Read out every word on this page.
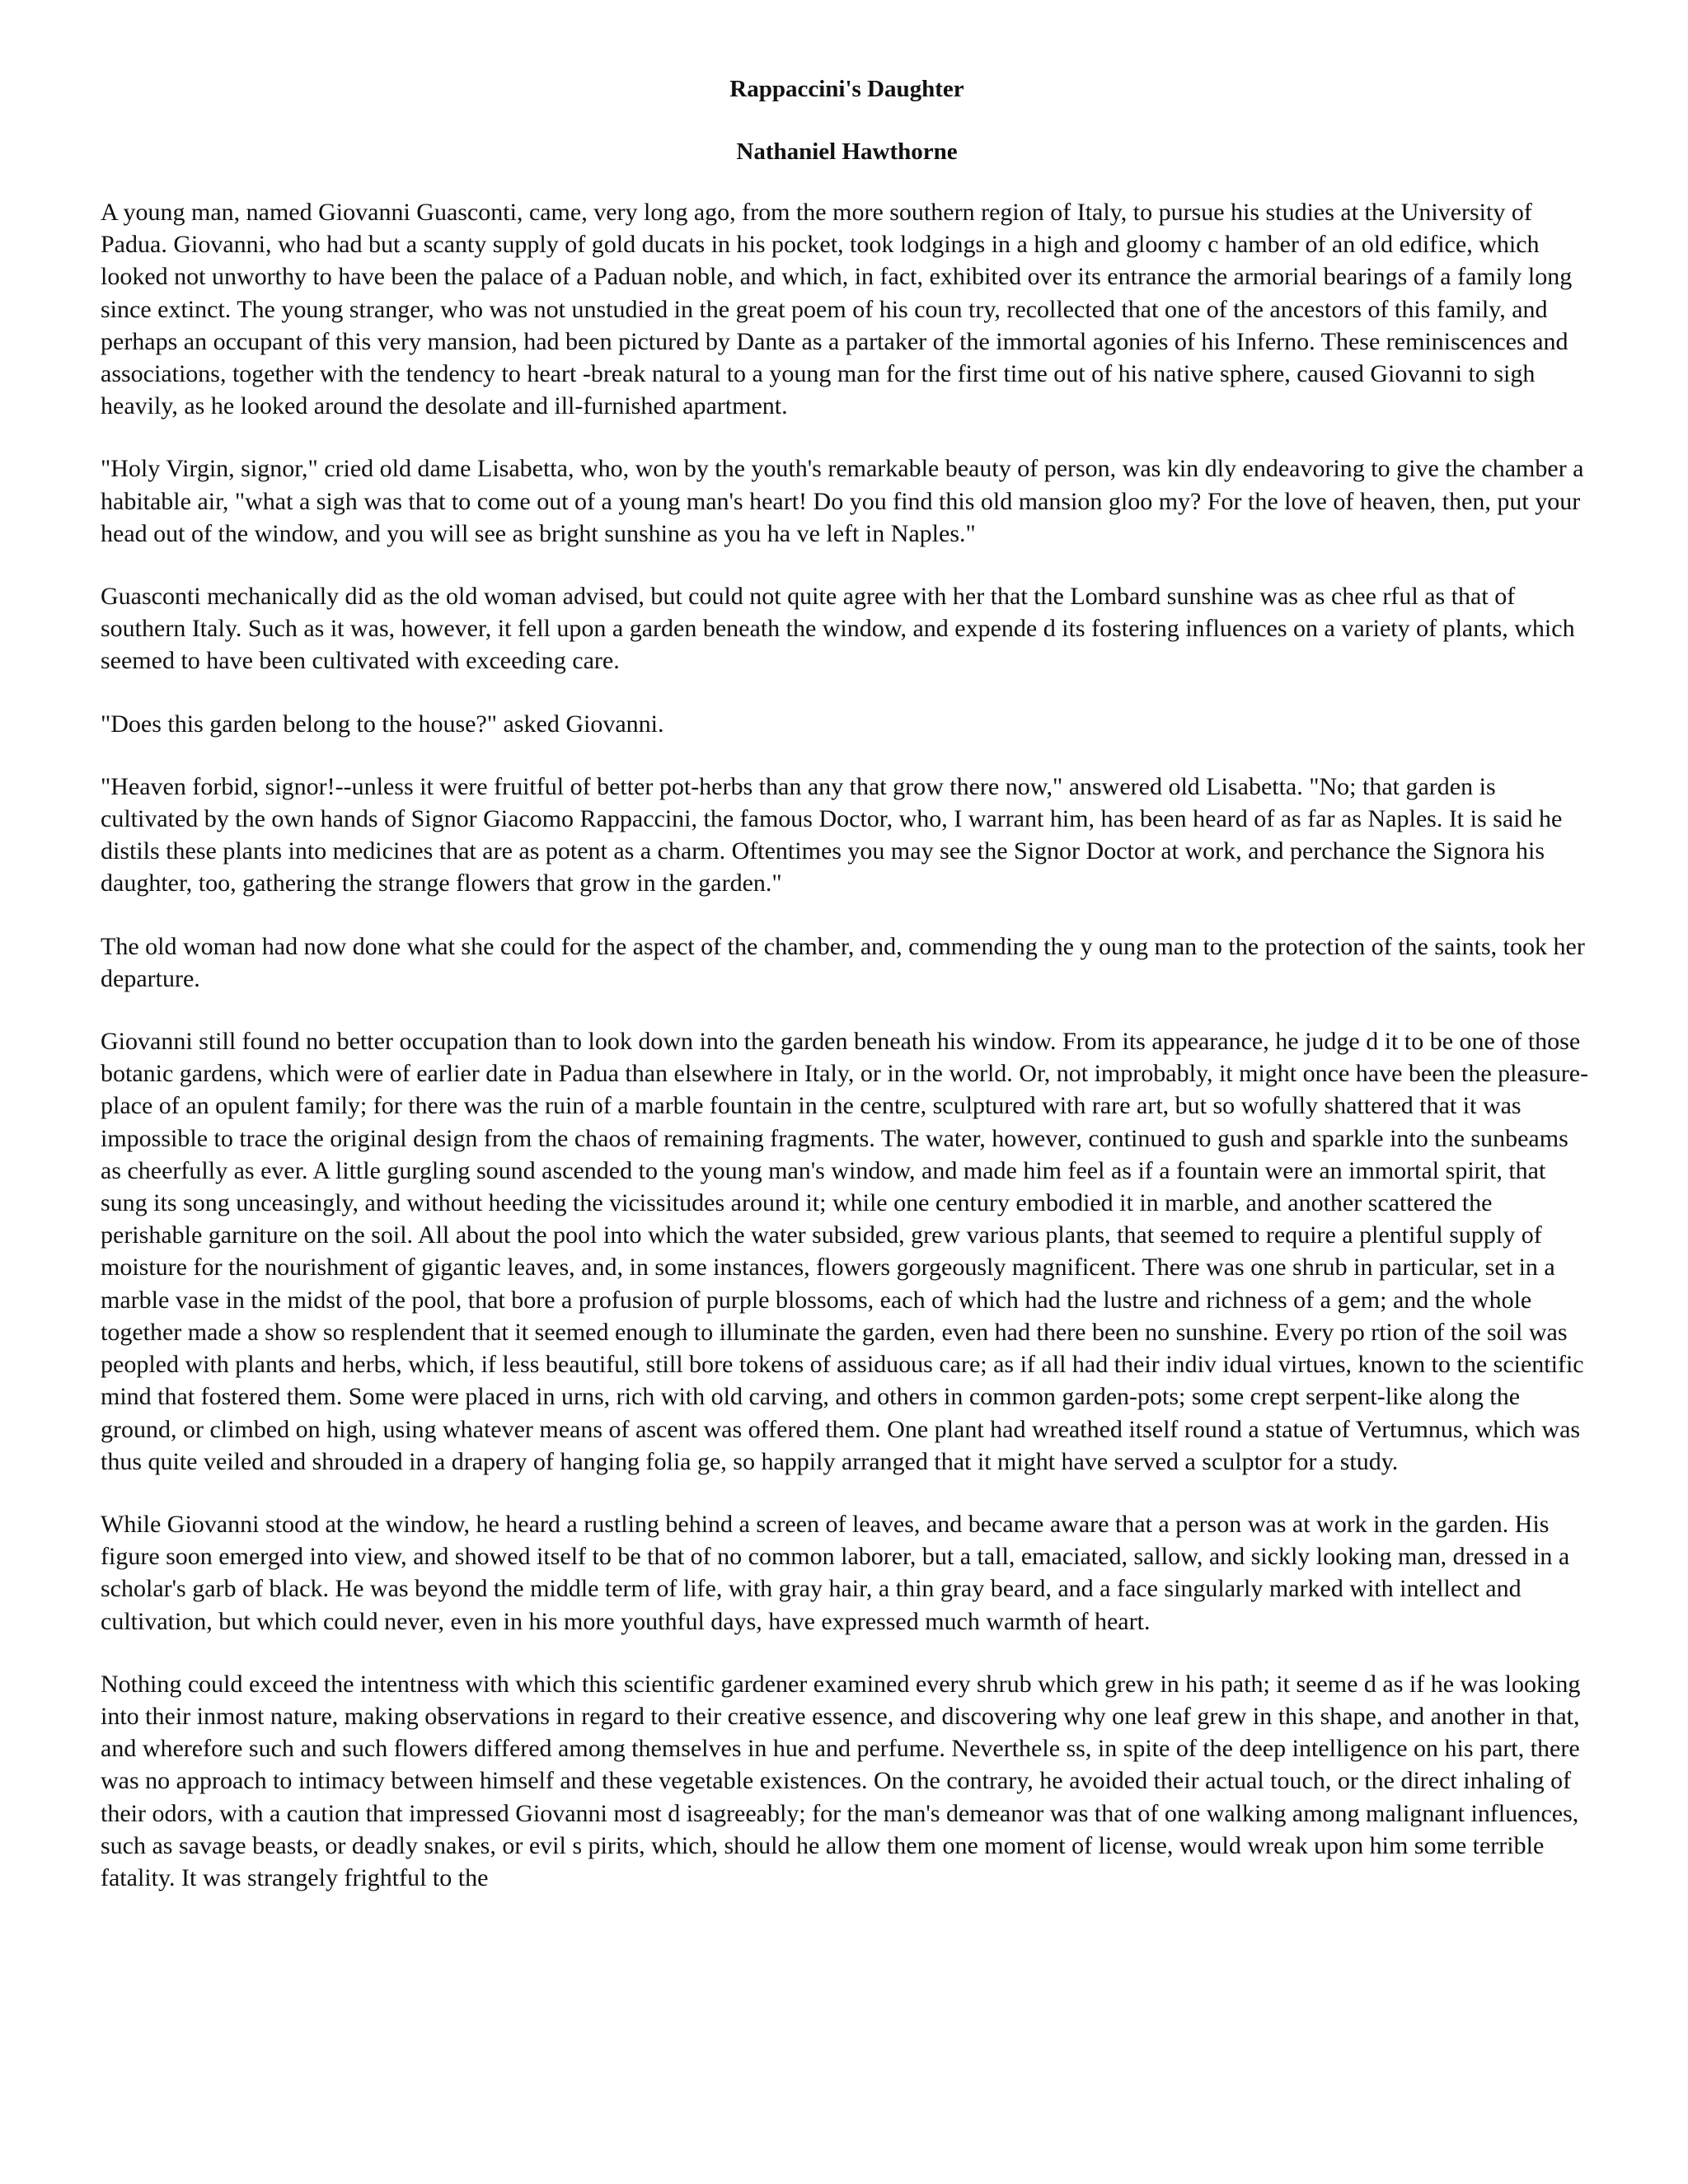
Rappaccini's Daughter
Nathaniel Hawthorne

A young man, named Giovanni Guasconti, came, very long ago, from the more southern region of Italy, to pursue his studies at the University of Padua. Giovanni, who had but a scanty supply of gold ducats in his pocket, took lodgings in a high and gloomy c hamber of an old edifice, which looked not unworthy to have been the palace of a Paduan noble, and which, in fact, exhibited over its entrance the armorial bearings of a family long since extinct. The young stranger, who was not unstudied in the great poem of his coun try, recollected that one of the ancestors of this family, and perhaps an occupant of this very mansion, had been pictured by Dante as a partaker of the immortal agonies of his Inferno. These reminiscences and associations, together with the tendency to heart -break natural to a young man for the first time out of his native sphere, caused Giovanni to sigh heavily, as he looked around the desolate and ill-furnished apartment.

"Holy Virgin, signor," cried old dame Lisabetta, who, won by the youth's remarkable beauty of person, was kin dly endeavoring to give the chamber a habitable air, "what a sigh was that to come out of a young man's heart! Do you find this old mansion gloo my? For the love of heaven, then, put your head out of the window, and you will see as bright sunshine as you ha ve left in Naples."

Guasconti mechanically did as the old woman advised, but could not quite agree with her that the Lombard sunshine was as chee rful as that of southern Italy. Such as it was, however, it fell upon a garden beneath the window, and expende d its fostering influences on a variety of plants, which seemed to have been cultivated with exceeding care.

"Does this garden belong to the house?" asked Giovanni.

"Heaven forbid, signor!--unless it were fruitful of better pot-herbs than any that grow there now," answered old Lisabetta. "No; that garden is cultivated by the own hands of Signor Giacomo Rappaccini, the famous Doctor, who, I warrant him, has been heard of as far as Naples. It is said he distils these plants into medicines that are as potent as a charm. Oftentimes you may see the Signor Doctor at work, and perchance the Signora his daughter, too, gathering the strange flowers that grow in the garden."

The old woman had now done what she could for the aspect of the chamber, and, commending the y oung man to the protection of the saints, took her departure.

Giovanni still found no better occupation than to look down into the garden beneath his window. From its appearance, he judge d it to be one of those botanic gardens, which were of earlier date in Padua than elsewhere in Italy, or in the world. Or, not improbably, it might once have been the pleasure-place of an opulent family; for there was the ruin of a marble fountain in the centre, sculptured with rare art, but so wofully shattered that it was impossible to trace the original design from the chaos of remaining fragments. The water, however, continued to gush and sparkle into the sunbeams as cheerfully as ever. A little gurgling sound ascended to the young man's window, and made him feel as if a fountain were an immortal spirit, that sung its song unceasingly, and without heeding the vicissitudes around it; while one century embodied it in marble, and another scattered the perishable garniture on the soil. All about the pool into which the water subsided, grew various plants, that seemed to require a plentiful supply of moisture for the nourishment of gigantic leaves, and, in some instances, flowers gorgeously magnificent. There was one shrub in particular, set in a marble vase in the midst of the pool, that bore a profusion of purple blossoms, each of which had the lustre and richness of a gem; and the whole together made a show so resplendent that it seemed enough to illuminate the garden, even had there been no sunshine. Every po rtion of the soil was peopled with plants and herbs, which, if less beautiful, still bore tokens of assiduous care; as if all had their indiv idual virtues, known to the scientific mind that fostered them. Some were placed in urns, rich with old carving, and others in common garden-pots; some crept serpent-like along the ground, or climbed on high, using whatever means of ascent was offered them. One plant had wreathed itself round a statue of Vertumnus, which was thus quite veiled and shrouded in a drapery of hanging folia ge, so happily arranged that it might have served a sculptor for a study.

While Giovanni stood at the window, he heard a rustling behind a screen of leaves, and became aware that a person was at work in the garden. His figure soon emerged into view, and showed itself to be that of no common laborer, but a tall, emaciated, sallow, and sickly looking man, dressed in a scholar's garb of black. He was beyond the middle term of life, with gray hair, a thin gray beard, and a face singularly marked with intellect and cultivation, but which could never, even in his more youthful days, have expressed much warmth of heart.

Nothing could exceed the intentness with which this scientific gardener examined every shrub which grew in his path; it seeme d as if he was looking into their inmost nature, making observations in regard to their creative essence, and discovering why one leaf grew in this shape, and another in that, and wherefore such and such flowers differed among themselves in hue and perfume. Neverthele ss, in spite of the deep intelligence on his part, there was no approach to intimacy between himself and these vegetable existences. On the contrary, he avoided their actual touch, or the direct inhaling of their odors, with a caution that impressed Giovanni most d isagreeably; for the man's demeanor was that of one walking among malignant influences, such as savage beasts, or deadly snakes, or evil s pirits, which, should he allow them one moment of license, would wreak upon him some terrible fatality. It was strangely frightful to the
